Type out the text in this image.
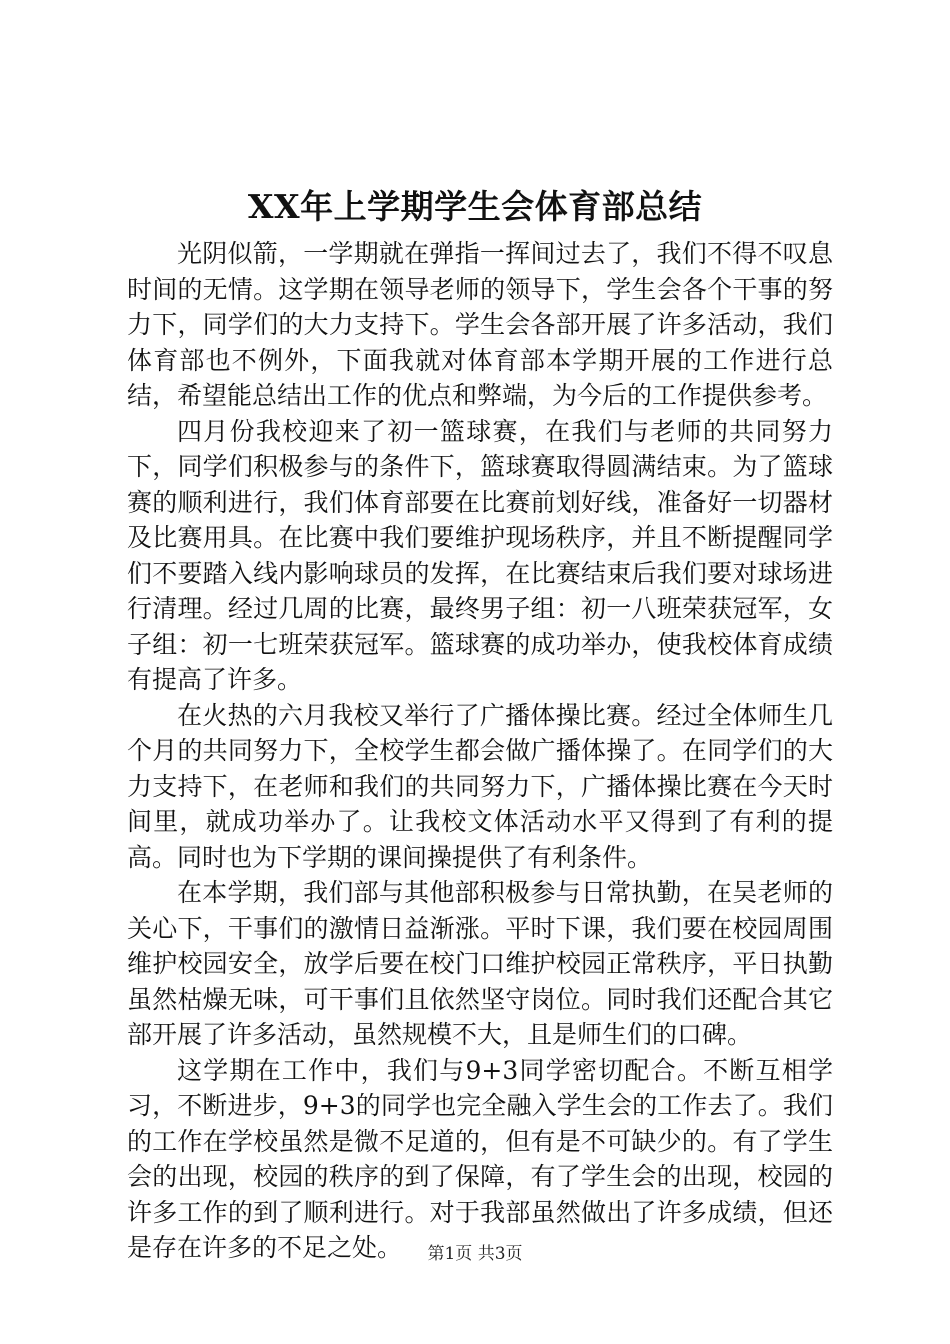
XX年上学期学生会体育部总结

光阴似箭，一学期就在弹指一挥间过去了，我们不得不叹息时间的无情。这学期在领导老师的领导下，学生会各个干事的努力下，同学们的大力支持下。学生会各部开展了许多活动，我们体育部也不例外，下面我就对体育部本学期开展的工作进行总结，希望能总结出工作的优点和弊端，为今后的工作提供参考。

四月份我校迎来了初一篮球赛，在我们与老师的共同努力下，同学们积极参与的条件下，篮球赛取得圆满结束。为了篮球赛的顺利进行，我们体育部要在比赛前划好线，准备好一切器材及比赛用具。在比赛中我们要维护现场秩序，并且不断提醒同学们不要踏入线内影响球员的发挥，在比赛结束后我们要对球场进行清理。经过几周的比赛，最终男子组：初一八班荣获冠军，女子组：初一七班荣获冠军。篮球赛的成功举办，使我校体育成绩有提高了许多。

在火热的六月我校又举行了广播体操比赛。经过全体师生几个月的共同努力下，全校学生都会做广播体操了。在同学们的大力支持下，在老师和我们的共同努力下，广播体操比赛在今天时间里，就成功举办了。让我校文体活动水平又得到了有利的提高。同时也为下学期的课间操提供了有利条件。

在本学期，我们部与其他部积极参与日常执勤，在吴老师的关心下，干事们的激情日益渐涨。平时下课，我们要在校园周围维护校园安全，放学后要在校门口维护校园正常秩序，平日执勤虽然枯燥无味，可干事们且依然坚守岗位。同时我们还配合其它部开展了许多活动，虽然规模不大，且是师生们的口碑。

这学期在工作中，我们与9+3同学密切配合。不断互相学习，不断进步，9+3的同学也完全融入学生会的工作去了。我们的工作在学校虽然是微不足道的，但有是不可缺少的。有了学生会的出现，校园的秩序的到了保障，有了学生会的出现，校园的许多工作的到了顺利进行。对于我部虽然做出了许多成绩，但还是存在许多的不足之处。	第1页 共3页
